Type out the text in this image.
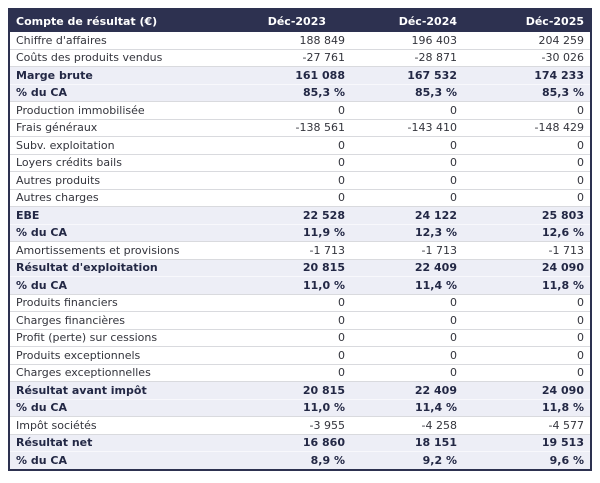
Compte de résultat (€)	Déc-2023	Déc-2024	Déc-2025
Chiffre d'affaires	188 849	196 403	204 259
Coûts des produits vendus	-27 761	-28 871	-30 026
Marge brute	161 088	167 532	174 233
% du CA	85,3 %	85,3 %	85,3 %
Production immobilisée	0	0	0
Frais généraux	-138 561	-143 410	-148 429
Subv. exploitation	0	0	0
Loyers crédits bails	0	0	0
Autres produits	0	0	0
Autres charges	0	0	0
EBE	22 528	24 122	25 803
% du CA	11,9 %	12,3 %	12,6 %
Amortissements et provisions	-1 713	-1 713	-1 713
Résultat d'exploitation	20 815	22 409	24 090
% du CA	11,0 %	11,4 %	11,8 %
Produits financiers	0	0	0
Charges financières	0	0	0
Profit (perte) sur cessions	0	0	0
Produits exceptionnels	0	0	0
Charges exceptionnelles	0	0	0
Résultat avant impôt	20 815	22 409	24 090
% du CA	11,0 %	11,4 %	11,8 %
Impôt sociétés	-3 955	-4 258	-4 577
Résultat net	16 860	18 151	19 513
% du CA	8,9 %	9,2 %	9,6 %
